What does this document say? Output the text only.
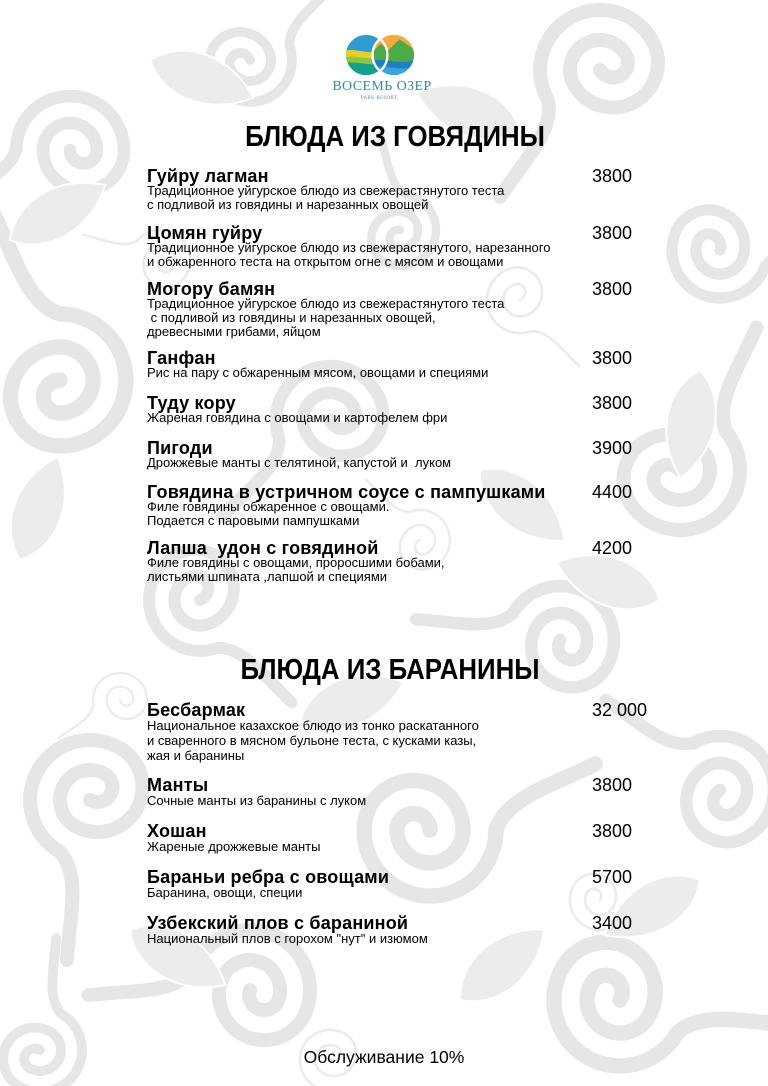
ВОСЕМЬ ОЗЕР
PARK RESORT
БЛЮДА ИЗ ГОВЯДИНЫ
Гуйру лагман	3800
Традиционное уйгурское блюдо из свежерастянутого теста
с подливой из говядины и нарезанных овощей
Цомян гуйру	3800
Традиционное уйгурское блюдо из свежерастянутого, нарезанного
и обжаренного теста на открытом огне с мясом и овощами
Могору бамян	3800
Традиционное уйгурское блюдо из свежерастянутого теста
с подливой из говядины и нарезанных овощей,
древесными грибами, яйцом
Ганфан	3800
Рис на пару с обжаренным мясом, овощами и специями
Туду кору	3800
Жареная говядина с овощами и картофелем фри
Пигоди	3900
Дрожжевые манты с телятиной, капустой и  луком
Говядина в устричном соусе с пампушками	4400
Филе говядины обжаренное с овощами.
Подается с паровыми пампушками
Лапша  удон с говядиной	4200
Филе говядины с овощами, проросшими бобами,
листьями шпината ,лапшой и специями
БЛЮДА ИЗ БАРАНИНЫ
Бесбармак	32 000
Национальное казахское блюдо из тонко раскатанного
и сваренного в мясном бульоне теста, с кусками казы,
жая и баранины
Манты	3800
Сочные манты из баранины с луком
Хошан	3800
Жареные дрожжевые манты
Бараньи ребра с овощами	5700
Баранина, овощи, специи
Узбекский плов с бараниной	3400
Национальный плов с горохом "нут" и изюмом
Обслуживание 10%
